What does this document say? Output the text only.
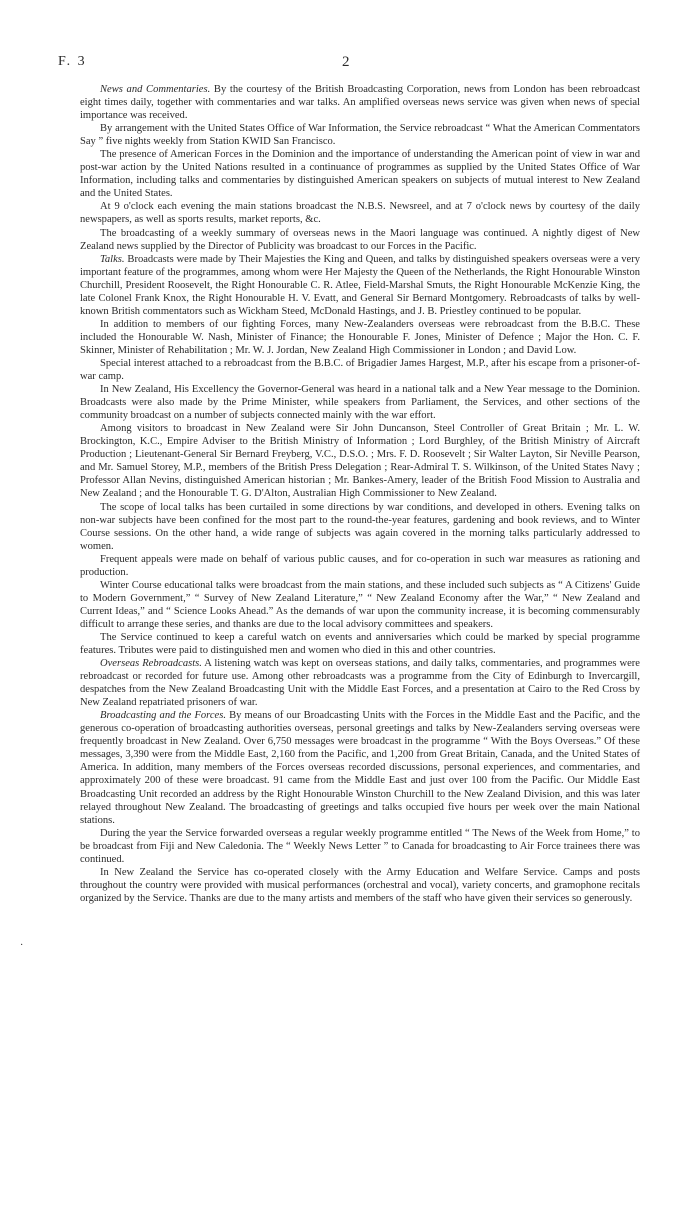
F. 3	2
·

News and Commentaries. By the courtesy of the British Broadcasting Corporation, news from London has been rebroadcast eight times daily, together with commentaries and war talks. An amplified overseas news service was given when news of special importance was received.

By arrangement with the United States Office of War Information, the Service rebroadcast “ What the American Commentators Say ” five nights weekly from Station KWID San Francisco.

The presence of American Forces in the Dominion and the importance of understanding the American point of view in war and post-war action by the United Nations resulted in a continuance of programmes as supplied by the United States Office of War Information, including talks and commentaries by distinguished American speakers on subjects of mutual interest to New Zealand and the United States.

At 9 o'clock each evening the main stations broadcast the N.B.S. Newsreel, and at 7 o'clock news by courtesy of the daily newspapers, as well as sports results, market reports, &c.

The broadcasting of a weekly summary of overseas news in the Maori language was continued. A nightly digest of New Zealand news supplied by the Director of Publicity was broadcast to our Forces in the Pacific.

Talks. Broadcasts were made by Their Majesties the King and Queen, and talks by distinguished speakers overseas were a very important feature of the programmes, among whom were Her Majesty the Queen of the Netherlands, the Right Honourable Winston Churchill, President Roosevelt, the Right Honourable C. R. Atlee, Field-Marshal Smuts, the Right Honourable McKenzie King, the late Colonel Frank Knox, the Right Honourable H. V. Evatt, and General Sir Bernard Montgomery. Rebroadcasts of talks by well-known British commentators such as Wickham Steed, McDonald Hastings, and J. B. Priestley continued to be popular.

In addition to members of our fighting Forces, many New-Zealanders overseas were rebroadcast from the B.B.C. These included the Honourable W. Nash, Minister of Finance; the Honourable F. Jones, Minister of Defence ; Major the Hon. C. F. Skinner, Minister of Rehabilitation ; Mr. W. J. Jordan, New Zealand High Commissioner in London ; and David Low.

Special interest attached to a rebroadcast from the B.B.C. of Brigadier James Hargest, M.P., after his escape from a prisoner-of-war camp.

In New Zealand, His Excellency the Governor-General was heard in a national talk and a New Year message to the Dominion. Broadcasts were also made by the Prime Minister, while speakers from Parliament, the Services, and other sections of the community broadcast on a number of subjects connected mainly with the war effort.

Among visitors to broadcast in New Zealand were Sir John Duncanson, Steel Controller of Great Britain ; Mr. L. W. Brockington, K.C., Empire Adviser to the British Ministry of Information ; Lord Burghley, of the British Ministry of Aircraft Production ; Lieutenant-General Sir Bernard Freyberg, V.C., D.S.O. ; Mrs. F. D. Roosevelt ; Sir Walter Layton, Sir Neville Pearson, and Mr. Samuel Storey, M.P., members of the British Press Delegation ; Rear-Admiral T. S. Wilkinson, of the United States Navy ; Professor Allan Nevins, distinguished American historian ; Mr. Bankes-Amery, leader of the British Food Mission to Australia and New Zealand ; and the Honourable T. G. D'Alton, Australian High Commissioner to New Zealand.

The scope of local talks has been curtailed in some directions by war conditions, and developed in others. Evening talks on non-war subjects have been confined for the most part to the round-the-year features, gardening and book reviews, and to Winter Course sessions. On the other hand, a wide range of subjects was again covered in the morning talks particularly addressed to women.

Frequent appeals were made on behalf of various public causes, and for co-operation in such war measures as rationing and production.

Winter Course educational talks were broadcast from the main stations, and these included such subjects as “ A Citizens' Guide to Modern Government,” “ Survey of New Zealand Literature,” “ New Zealand Economy after the War,” “ New Zealand and Current Ideas,” and “ Science Looks Ahead.” As the demands of war upon the community increase, it is becoming commensurably difficult to arrange these series, and thanks are due to the local advisory committees and speakers.

The Service continued to keep a careful watch on events and anniversaries which could be marked by special programme features. Tributes were paid to distinguished men and women who died in this and other countries.

Overseas Rebroadcasts. A listening watch was kept on overseas stations, and daily talks, commentaries, and programmes were rebroadcast or recorded for future use. Among other rebroadcasts was a programme from the City of Edinburgh to Invercargill, despatches from the New Zealand Broadcasting Unit with the Middle East Forces, and a presentation at Cairo to the Red Cross by New Zealand repatriated prisoners of war.

Broadcasting and the Forces. By means of our Broadcasting Units with the Forces in the Middle East and the Pacific, and the generous co-operation of broadcasting authorities overseas, personal greetings and talks by New-Zealanders serving overseas were frequently broadcast in New Zealand. Over 6,750 messages were broadcast in the programme “ With the Boys Overseas.” Of these messages, 3,390 were from the Middle East, 2,160 from the Pacific, and 1,200 from Great Britain, Canada, and the United States of America. In addition, many members of the Forces overseas recorded discussions, personal experiences, and commentaries, and approximately 200 of these were broadcast. 91 came from the Middle East and just over 100 from the Pacific. Our Middle East Broadcasting Unit recorded an address by the Right Honourable Winston Churchill to the New Zealand Division, and this was later relayed throughout New Zealand. The broadcasting of greetings and talks occupied five hours per week over the main National stations.

During the year the Service forwarded overseas a regular weekly programme entitled “ The News of the Week from Home,” to be broadcast from Fiji and New Caledonia. The “ Weekly News Letter ” to Canada for broadcasting to Air Force trainees there was continued.

In New Zealand the Service has co-operated closely with the Army Education and Welfare Service. Camps and posts throughout the country were provided with musical performances (orchestral and vocal), variety concerts, and gramophone recitals organized by the Service. Thanks are due to the many artists and members of the staff who have given their services so generously.
